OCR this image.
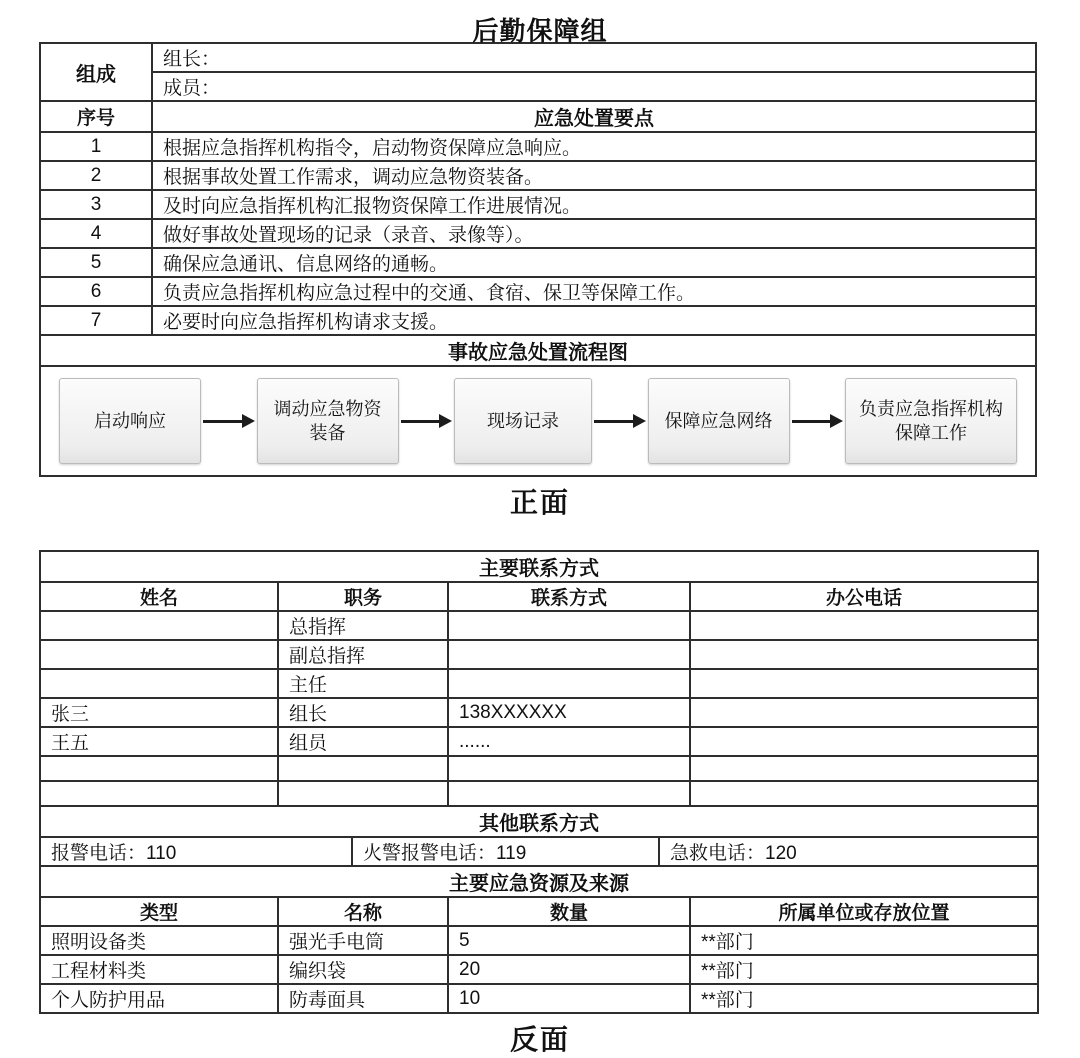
后勤保障组
组成	组长：
	成员：
序号	应急处置要点
1	根据应急指挥机构指令，启动物资保障应急响应。
2	根据事故处置工作需求，调动应急物资装备。
3	及时向应急指挥机构汇报物资保障工作进展情况。
4	做好事故处置现场的记录（录音、录像等）。
5	确保应急通讯、信息网络的通畅。
6	负责应急指挥机构应急过程中的交通、食宿、保卫等保障工作。
7	必要时向应急指挥机构请求支援。
事故应急处置流程图	

启动响应
调动应急物资装备
现场记录 保障应急网络
负责应急指挥机构保障工作	
正面
主要联系方式			
姓名	职务	联系方式	办公电话
	总指挥		
	副总指挥		
	主任		
张三	组长	138XXXXXX	
王五	组员	......	

其他联系方式
报警电话：110	火警报警电话：119	急救电话：120
主要应急资源及来源			
类型	名称	数量	所属单位或存放位置
照明设备类	强光手电筒	5	**部门
工程材料类	编织袋	20	**部门
个人防护用品	防毒面具	10	**部门
反面
